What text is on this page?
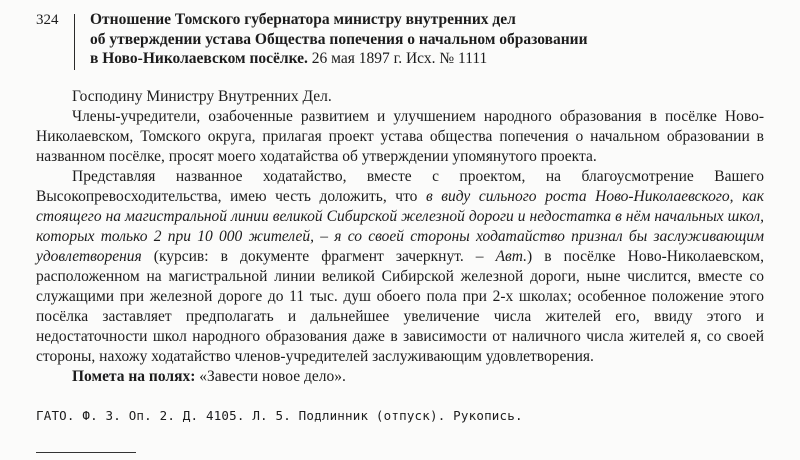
324 Отношение Томского губернатора министру внутренних дел
об утверждении устава Общества попечения о начальном образовании
в Ново-Николаевском посёлке. 26 мая 1897 г. Исх. № 1111

Господину Министру Внутренних Дел.

Члены-учредители, озабоченные развитием и улучшением народного образования в посёлке Ново-Николаевском, Томского округа, прилагая проект устава общества попечения о начальном образовании в названном посёлке, просят моего ходатайства об утверждении упомянутого проекта.

Представляя названное ходатайство, вместе с проектом, на благоусмотрение Вашего Высокопревосходительства, имею честь доложить, что в виду сильного роста Ново-Николаевского, как стоящего на магистральной линии великой Сибирской железной дороги и недостатка в нём начальных школ, которых только 2 при 10 000 жителей, – я со своей стороны ходатайство признал бы заслуживающим удовлетворения (курсив: в документе фрагмент зачеркнут. – Авт.) в посёлке Ново-Николаевском, расположенном на магистральной линии великой Сибирской железной дороги, ныне числится, вместе со служащими при железной дороге до 11 тыс. душ обоего пола при 2-х школах; особенное положение этого посёлка заставляет предполагать и дальнейшее увеличение числа жителей его, ввиду этого и недостаточности школ народного образования даже в зависимости от наличного числа жителей я, со своей стороны, нахожу ходатайство членов-учредителей заслуживающим удовлетворения.

Помета на полях: «Завести новое дело».

ГАТО. Ф. 3. Оп. 2. Д. 4105. Л. 5. Подлинник (отпуск). Рукопись.
